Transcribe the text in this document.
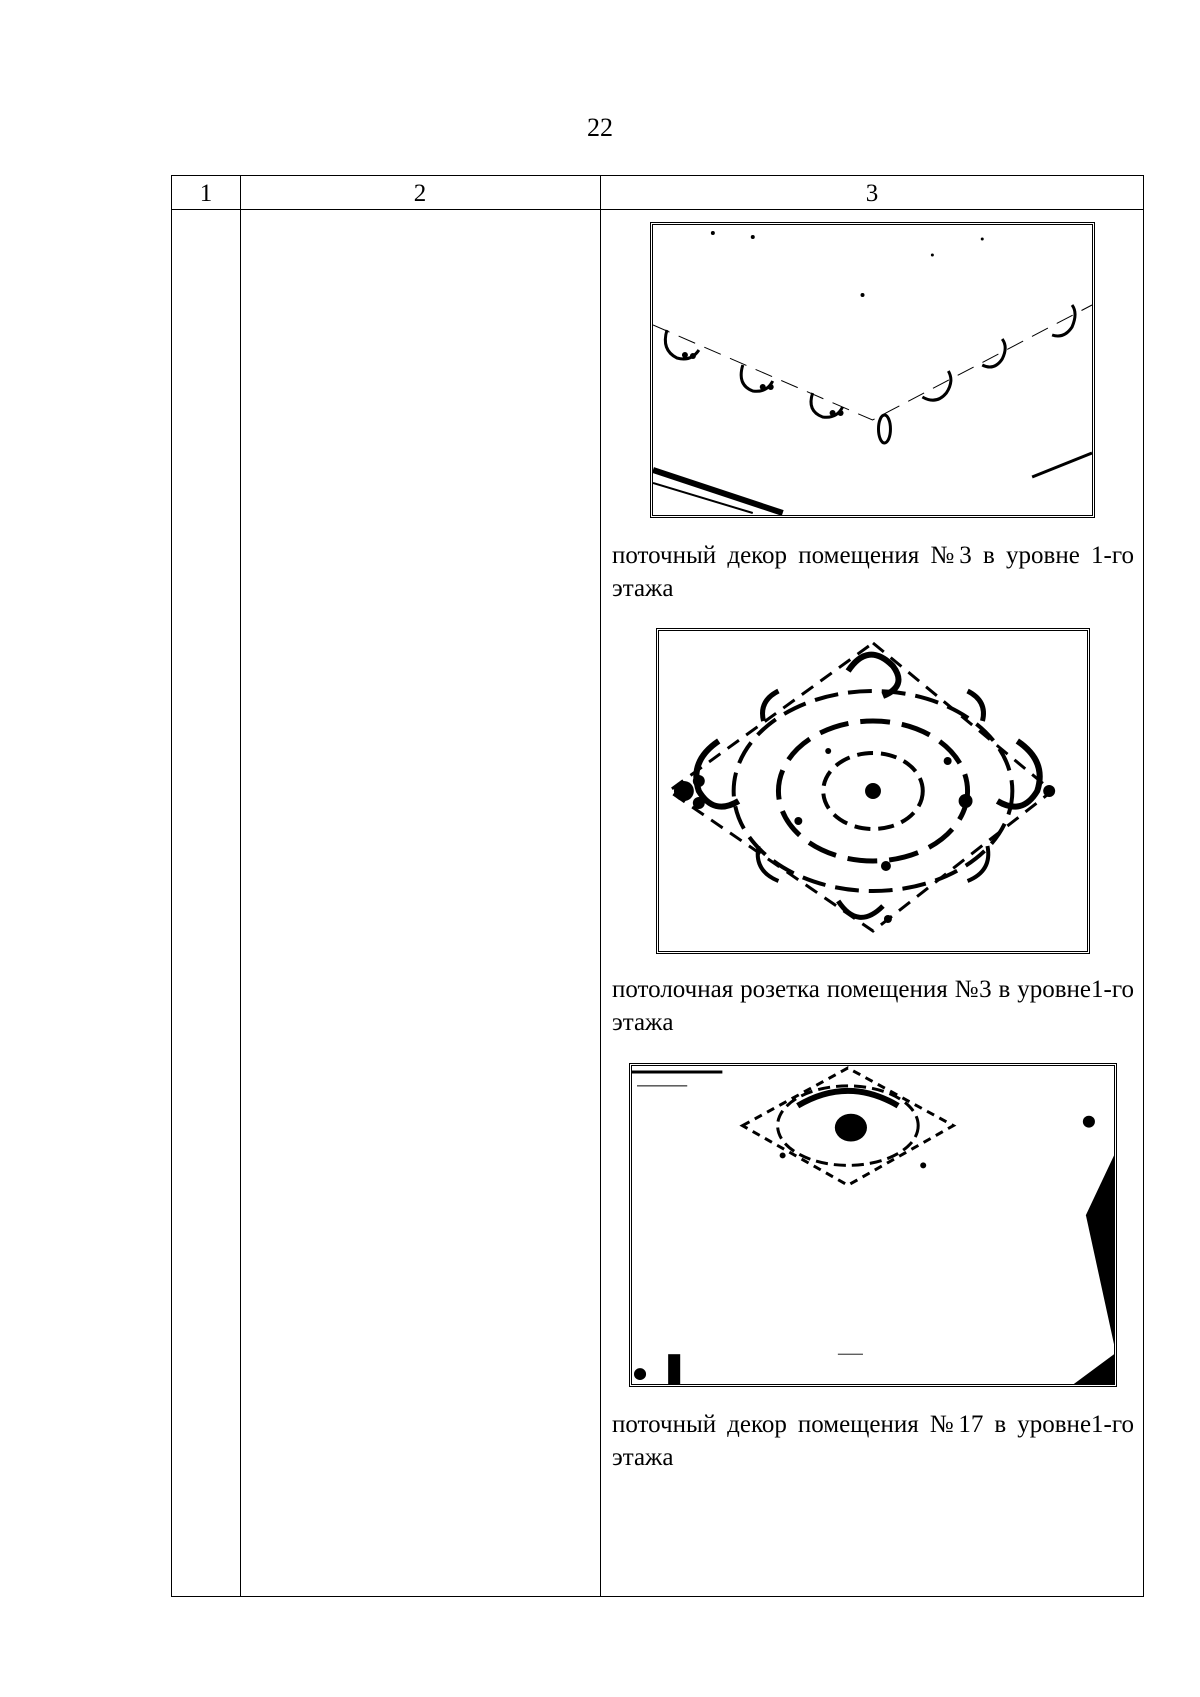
22
1	2	3
поточный декор помещения №3 в уровне 1-го этажа
потолочная розетка помещения №3 в уровне1-го этажа
поточный декор помещения №17 в уровне1-го этажа
